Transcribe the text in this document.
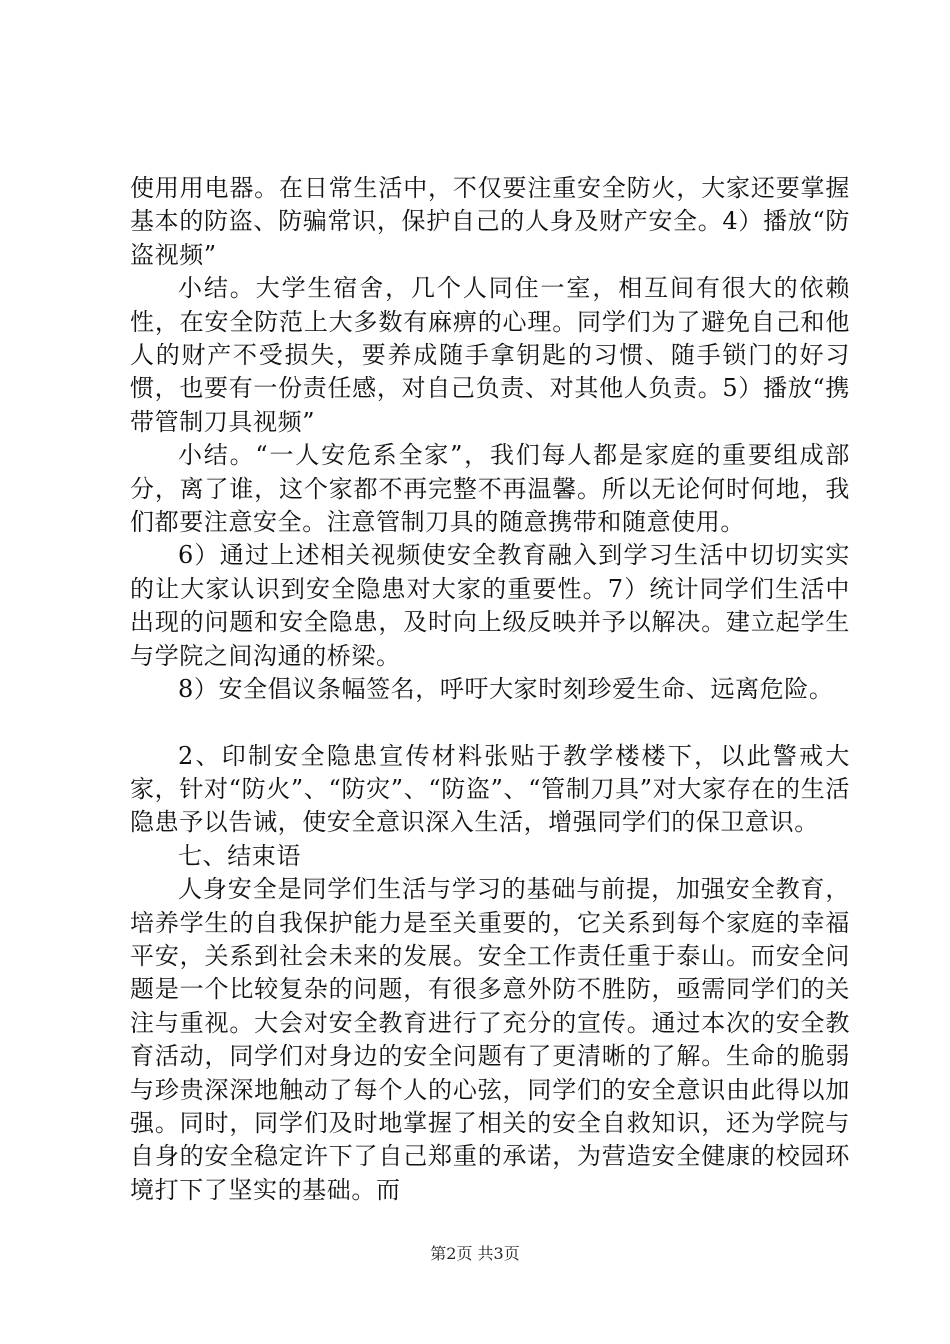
使用用电器。在日常生活中，不仅要注重安全防火，大家还要掌握基本的防盗、防骗常识，保护自己的人身及财产安全。4）播放“防盗视频”

小结。大学生宿舍，几个人同住一室，相互间有很大的依赖性，在安全防范上大多数有麻痹的心理。同学们为了避免自己和他人的财产不受损失，要养成随手拿钥匙的习惯、随手锁门的好习惯，也要有一份责任感，对自己负责、对其他人负责。5）播放“携带管制刀具视频”

小结。“一人安危系全家”，我们每人都是家庭的重要组成部分，离了谁，这个家都不再完整不再温馨。所以无论何时何地，我们都要注意安全。注意管制刀具的随意携带和随意使用。

6）通过上述相关视频使安全教育融入到学习生活中切切实实的让大家认识到安全隐患对大家的重要性。7）统计同学们生活中出现的问题和安全隐患，及时向上级反映并予以解决。建立起学生与学院之间沟通的桥梁。

8）安全倡议条幅签名，呼吁大家时刻珍爱生命、远离危险。

2、印制安全隐患宣传材料张贴于教学楼楼下，以此警戒大家，针对“防火”、“防灾”、“防盗”、“管制刀具”对大家存在的生活隐患予以告诫，使安全意识深入生活，增强同学们的保卫意识。

七、结束语

人身安全是同学们生活与学习的基础与前提，加强安全教育，培养学生的自我保护能力是至关重要的，它关系到每个家庭的幸福平安，关系到社会未来的发展。安全工作责任重于泰山。而安全问题是一个比较复杂的问题，有很多意外防不胜防，亟需同学们的关注与重视。大会对安全教育进行了充分的宣传。通过本次的安全教育活动，同学们对身边的安全问题有了更清晰的了解。生命的脆弱与珍贵深深地触动了每个人的心弦，同学们的安全意识由此得以加强。同时，同学们及时地掌握了相关的安全自救知识，还为学院与自身的安全稳定许下了自己郑重的承诺，为营造安全健康的校园环境打下了坚实的基础。而

第2页 共3页
